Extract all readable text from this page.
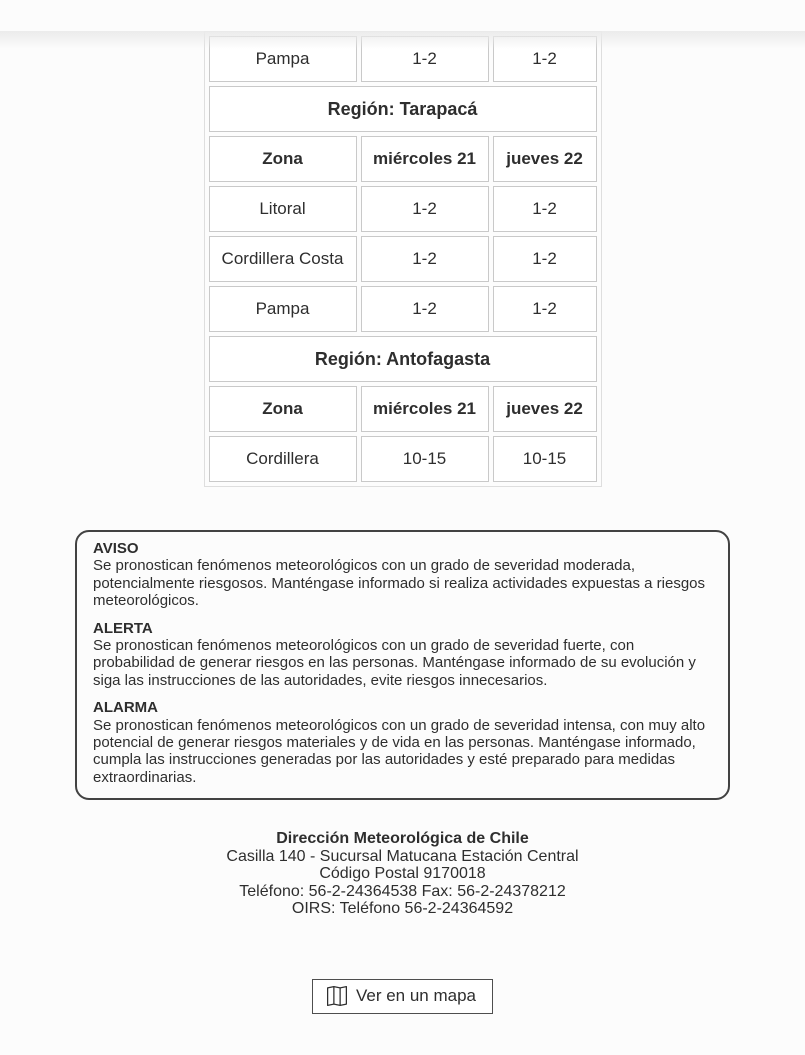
Pampa	1-2	1-2
Región: Tarapacá		
Zona	miércoles 21	jueves 22
Litoral	1-2	1-2
Cordillera Costa	1-2	1-2
Pampa	1-2	1-2
Región: Antofagasta		
Zona	miércoles 21	jueves 22
Cordillera	10-15	10-15

AVISO

Se pronostican fenómenos meteorológicos con un grado de severidad moderada, potencialmente riesgosos. Manténgase informado si realiza actividades expuestas a riesgos meteorológicos.

ALERTA

Se pronostican fenómenos meteorológicos con un grado de severidad fuerte, con probabilidad de generar riesgos en las personas. Manténgase informado de su evolución y siga las instrucciones de las autoridades, evite riesgos innecesarios.

ALARMA

Se pronostican fenómenos meteorológicos con un grado de severidad intensa, con muy alto potencial de generar riesgos materiales y de vida en las personas. Manténgase informado, cumpla las instrucciones generadas por las autoridades y esté preparado para medidas extraordinarias.

Dirección Meteorológica de Chile
Casilla 140 - Sucursal Matucana Estación Central
Código Postal 9170018
Teléfono: 56-2-24364538 Fax: 56-2-24378212
OIRS: Teléfono 56-2-24364592
Ver en un mapa
